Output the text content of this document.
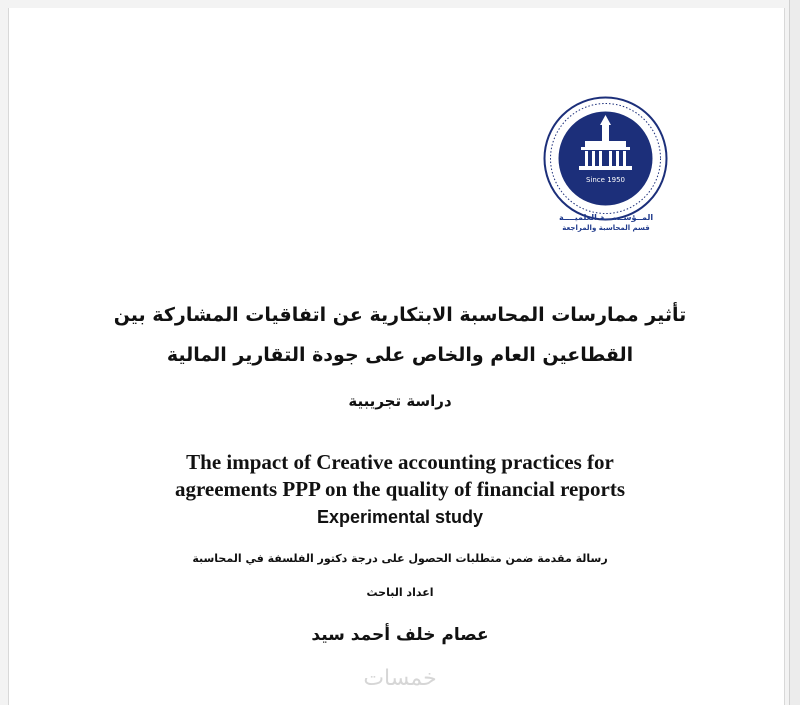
Since 1950
المــؤسـســـة العلميــــة
قسم المحاسبة والمراجعة
تأثير ممارسات المحاسبة الابتكارية عن اتفاقيات المشاركة بين
القطاعين العام والخاص على جودة التقارير المالية
دراسة تجريبية
The impact of Creative accounting practices for
agreements PPP on the quality of financial reports
Experimental study
رسالة مقدمة ضمن متطلبات الحصول على درجة دكتور الفلسفة في المحاسبة
اعداد الباحث
عصام خلف أحمد سيد
خمسات
